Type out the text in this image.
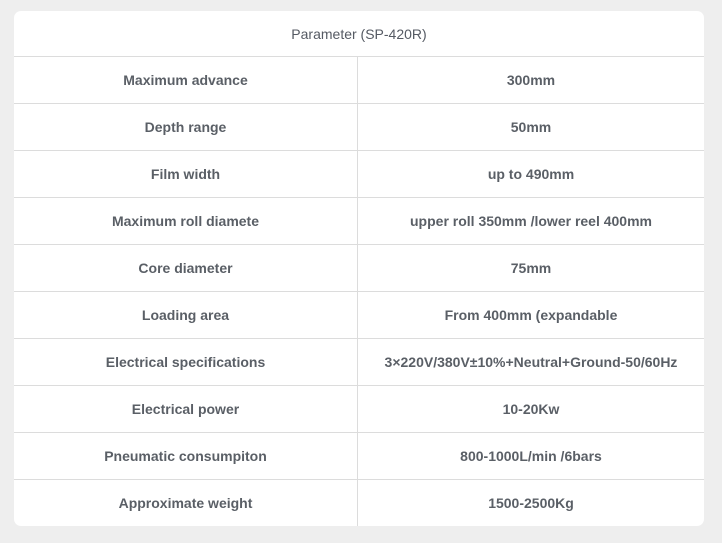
Parameter (SP-420R)
Maximum advance	300mm
Depth range	50mm
Film width	up to 490mm
Maximum roll diamete	upper roll 350mm /lower reel 400mm
Core diameter	75mm
Loading area	From 400mm (expandable
Electrical specifications	3×220V/380V±10%+Neutral+Ground-50/60Hz
Electrical power	10-20Kw
Pneumatic consumpiton	800-1000L/min /6bars
Approximate weight	1500-2500Kg
